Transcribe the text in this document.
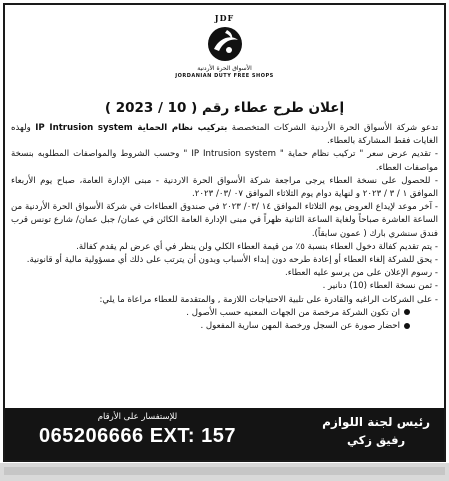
JDF
الأسواق الحرة الأردنية
JORDANIAN DUTY FREE SHOPS
إعلان طرح عطاء رقم ( 10 / 2023 )

تدعو شركة الأسواق الحرة الأردنية الشركات المتخصصة بتركيب نظام الحماية IP Intrusion system ولهذه الغايات فقط المشاركة بالعطاء.

- تقديم عرض سعر " تركيب نظام حماية " IP Intrusion system " وحسب الشروط والمواصفات المطلوبه بنسخة مواصفات العطاء.

- للحصول على نسخة العطاء يرجى مراجعة شركة الأسواق الحرة الاردنية - مبنى الإدارة العامة، صباح يوم الأربعاء الموافق ١ / ٣ / ٢٠٢٣ و لنهاية دوام يوم الثلاثاء الموافق ٠٧ /٠٣/ ٢٠٢٣.

- آخر موعد لإيداع العروض يوم الثلاثاء الموافق ١٤ /٠٣/ ٢٠٢٣ في صندوق العطاءات في شركة الأسواق الحرة الأردنية من الساعة العاشرة صباحاً ولغاية الساعة الثانية ظهراً في مبنى الإدارة العامة الكائن في عمان/ جبل عمان/ شارع تونس قرب فندق سنشري بارك ( عمون سابقاً).

- يتم تقديم كفالة دخول العطاء بنسبة ٥٪ من قيمة العطاء الكلي ولن ينظر في أي عرض لم يقدم كفالة.

- يحق للشركة إلغاء العطاء أو إعادة طرحه دون إبداء الأسباب وبدون أن يترتب على ذلك أي مسؤولية مالية أو قانونية.

- رسوم الإعلان على من يرسو عليه العطاء.

- ثمن نسخة العطاء (10) دنانير .

- على الشركات الراغبه والقادرة على تلبية الاحتياجات اللازمة , والمتقدمة للعطاء مراعاة ما يلي:

ان تكون الشركة مرخصة من الجهات المعنيه حسب الأصول .

احضار صورة عن السجل ورخصة المهن سارية المفعول .

رئيس لجنة اللوازم
رفيق زكي
للإستفسار على الأرقام
065206666 EXT: 157
